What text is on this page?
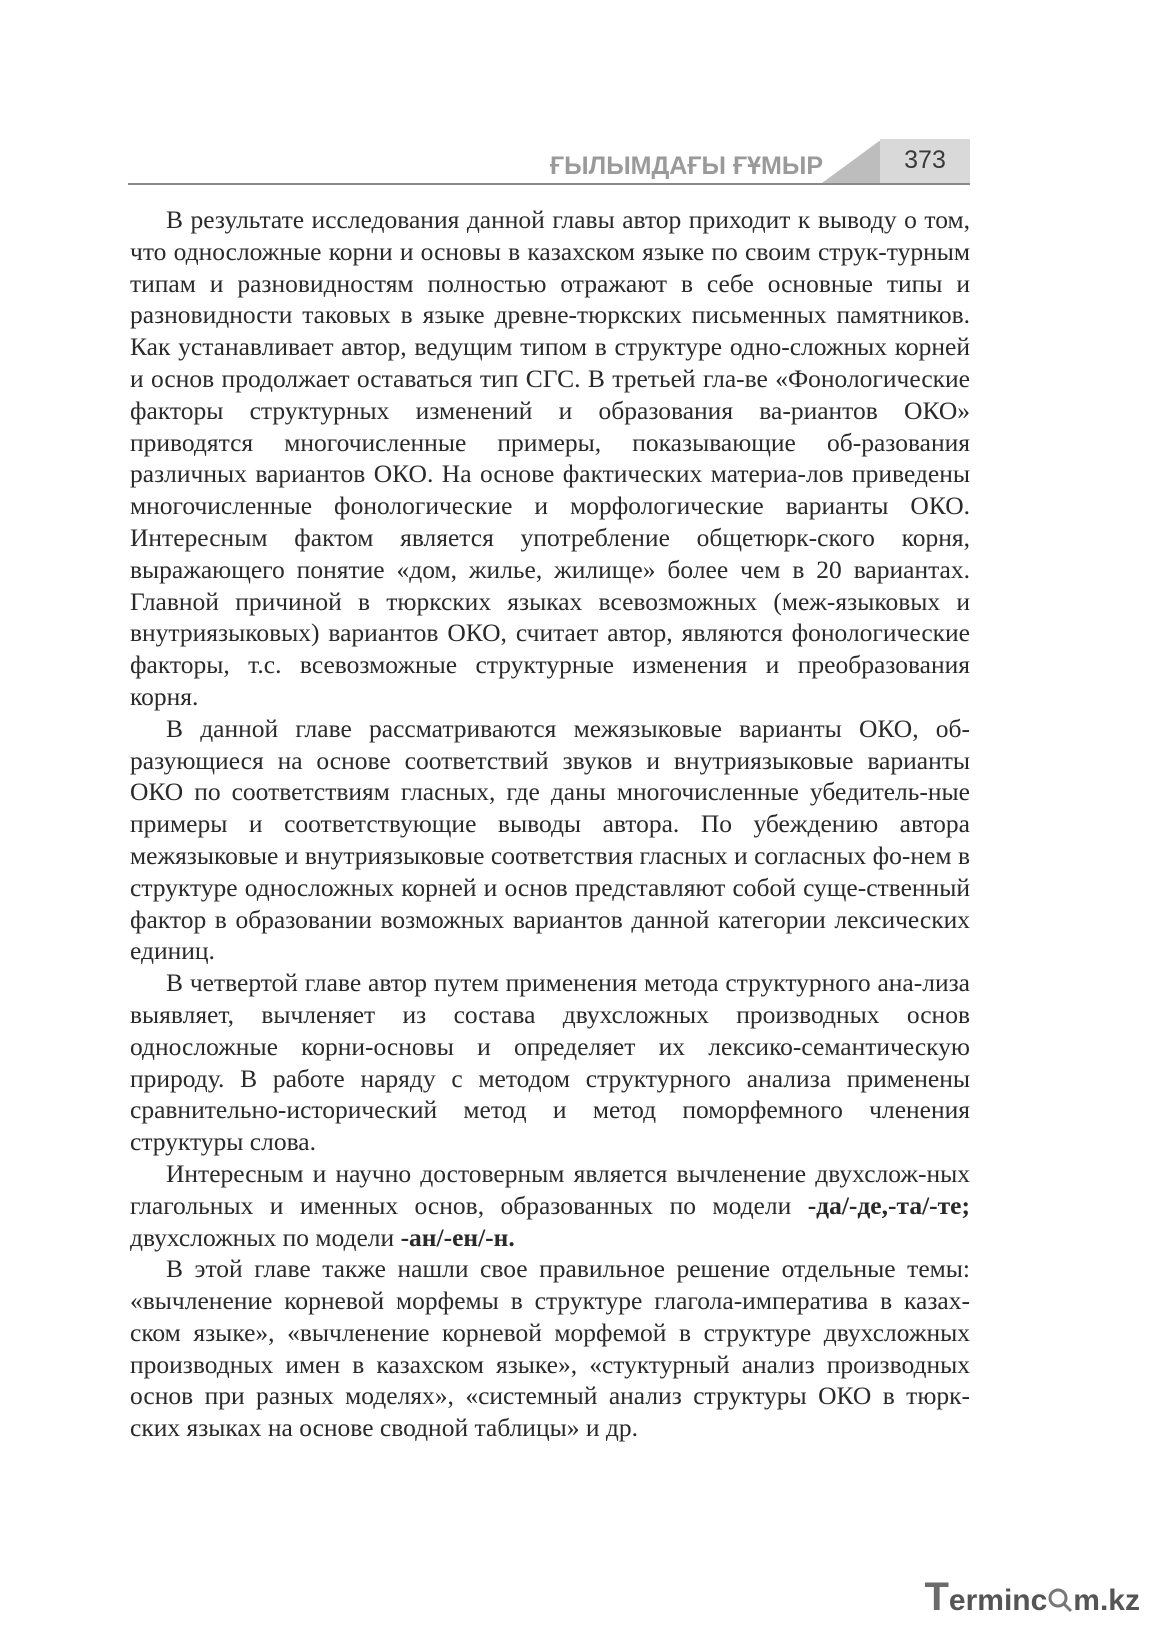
ҒЫЛЫМДАҒЫ ҒҰМЫР	373

В результате исследования данной главы автор приходит к выводу о том, что односложные корни и основы в казахском языке по своим струк-турным типам и разновидностям полностью отражают в себе основные типы и разновидности таковых в языке древне-тюркских письменных памятников. Как устанавливает автор, ведущим типом в структуре одно-сложных корней и основ продолжает оставаться тип СГС. В третьей гла-ве «Фонологические факторы структурных изменений и образования ва-риантов ОКО» приводятся многочисленные примеры, показывающие об-разования различных вариантов ОКО. На основе фактических материа-лов приведены многочисленные фонологические и морфологические варианты ОКО. Интересным фактом является употребление общетюрк-ского корня, выражающего понятие «дом, жилье, жилище» более чем в 20 вариантах. Главной причиной в тюркских языках всевозможных (меж-языковых и внутриязыковых) вариантов ОКО, считает автор, являются фонологические факторы, т.с. всевозможные структурные изменения и преобразования корня.

В данной главе рассматриваются межязыковые варианты ОКО, об-разующиеся на основе соответствий звуков и внутриязыковые варианты ОКО по соответствиям гласных, где даны многочисленные убедитель-ные примеры и соответствующие выводы автора. По убеждению автора межязыковые и внутриязыковые соответствия гласных и согласных фо-нем в структуре односложных корней и основ представляют собой суще-ственный фактор в образовании возможных вариантов данной категории лексических единиц.

В четвертой главе автор путем применения метода структурного ана-лиза выявляет, вычленяет из состава двухсложных производных основ односложные корни-основы и определяет их лексико-семантическую природу. В работе наряду с методом структурного анализа применены сравнительно-исторический метод и метод поморфемного членения структуры слова.

Интересным и научно достоверным является вычленение двухслож-ных глагольных и именных основ, образованных по модели -да/-де,-та/-те; двухсложных по модели -ан/-ен/-н.

В этой главе также нашли свое правильное решение отдельные темы: «вычленение корневой морфемы в структуре глагола-императива в казах-ском языке», «вычленение корневой морфемой в структуре двухсложных производных имен в казахском языке», «стуктурный анализ производных основ при разных моделях», «системный анализ структуры ОКО в тюрк-ских языках на основе сводной таблицы» и др.

Terminc m.kz
